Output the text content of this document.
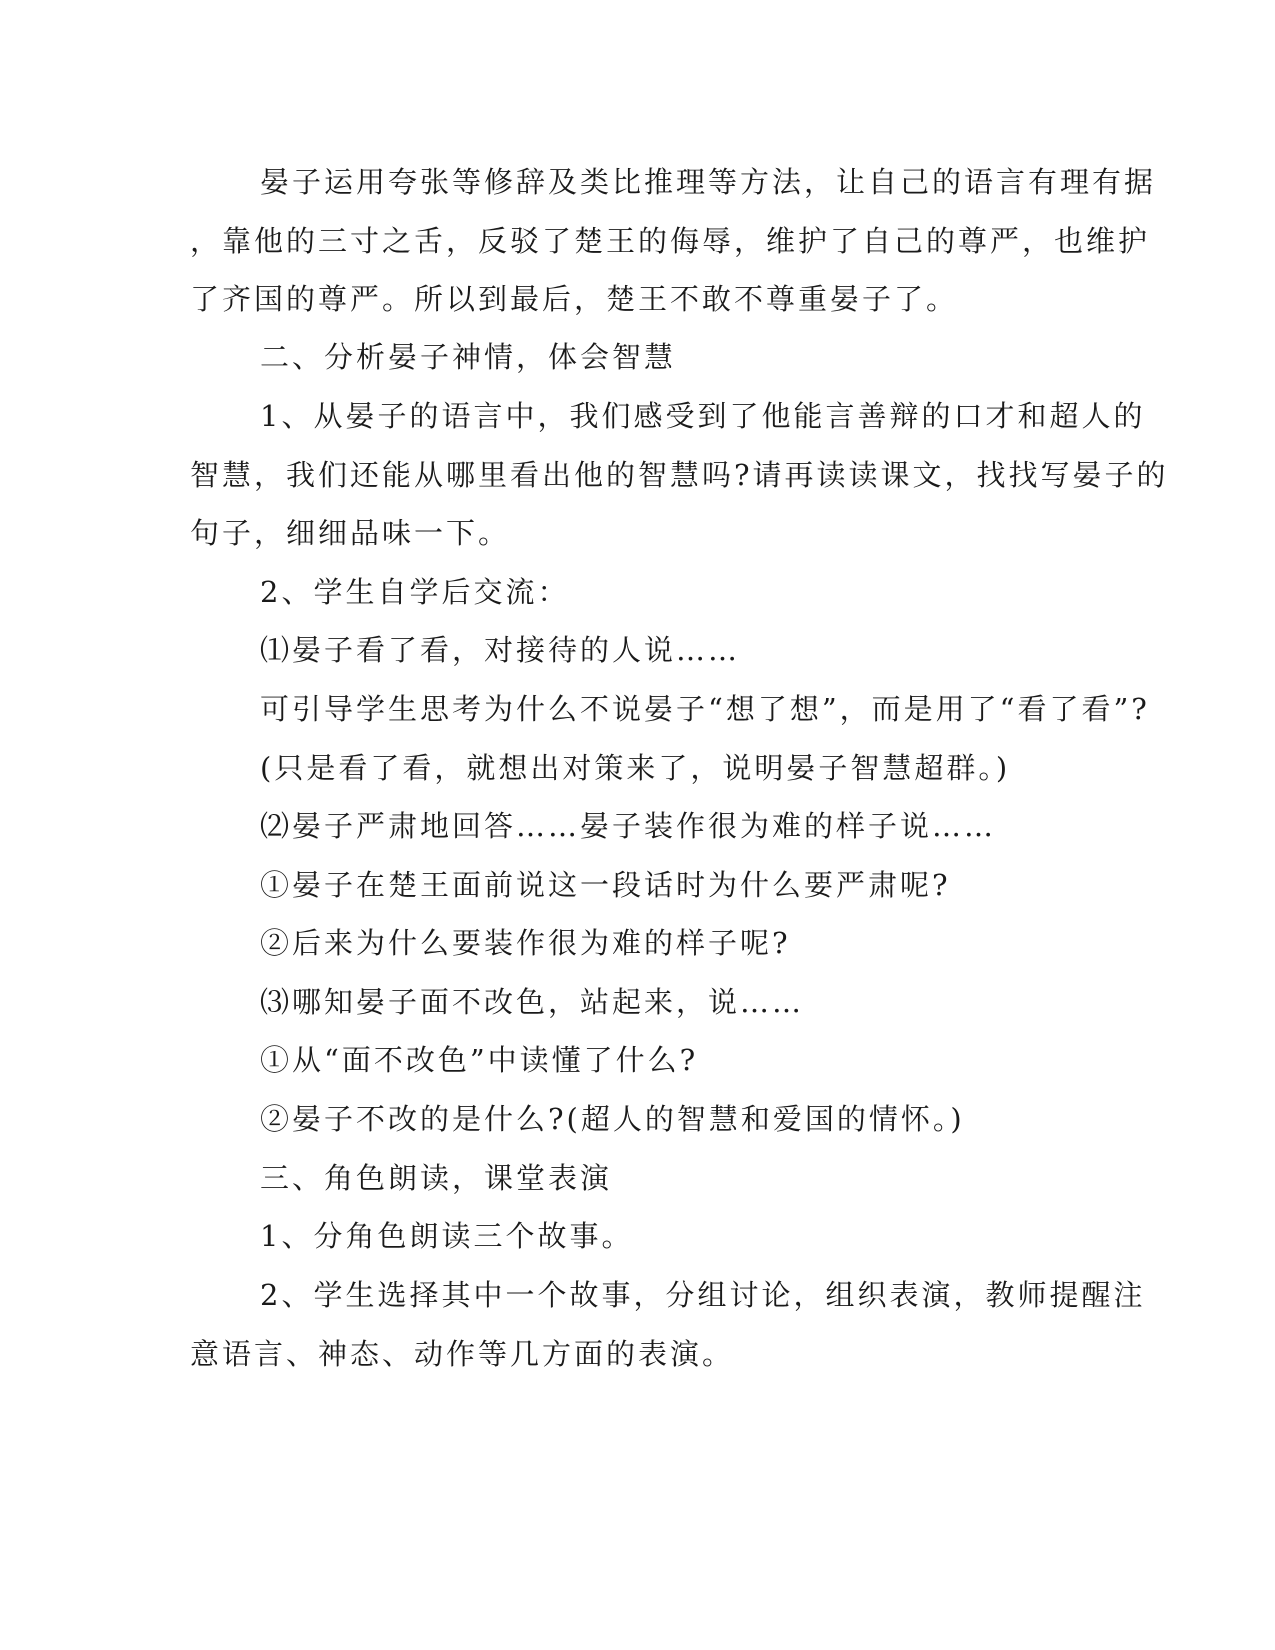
晏子运用夸张等修辞及类比推理等方法，让自己的语言有理有据

，靠他的三寸之舌，反驳了楚王的侮辱，维护了自己的尊严，也维护

了齐国的尊严。所以到最后，楚王不敢不尊重晏子了。

二、分析晏子神情，体会智慧

1、从晏子的语言中，我们感受到了他能言善辩的口才和超人的

智慧，我们还能从哪里看出他的智慧吗?请再读读课文，找找写晏子的

句子，细细品味一下。

2、学生自学后交流：

⑴晏子看了看，对接待的人说……

可引导学生思考为什么不说晏子“想了想”，而是用了“看了看”?

(只是看了看，就想出对策来了，说明晏子智慧超群。)

⑵晏子严肃地回答……晏子装作很为难的样子说……

①晏子在楚王面前说这一段话时为什么要严肃呢?

②后来为什么要装作很为难的样子呢?

⑶哪知晏子面不改色，站起来，说……

①从“面不改色”中读懂了什么?

②晏子不改的是什么?(超人的智慧和爱国的情怀。)

三、角色朗读，课堂表演

1、分角色朗读三个故事。

2、学生选择其中一个故事，分组讨论，组织表演，教师提醒注

意语言、神态、动作等几方面的表演。
